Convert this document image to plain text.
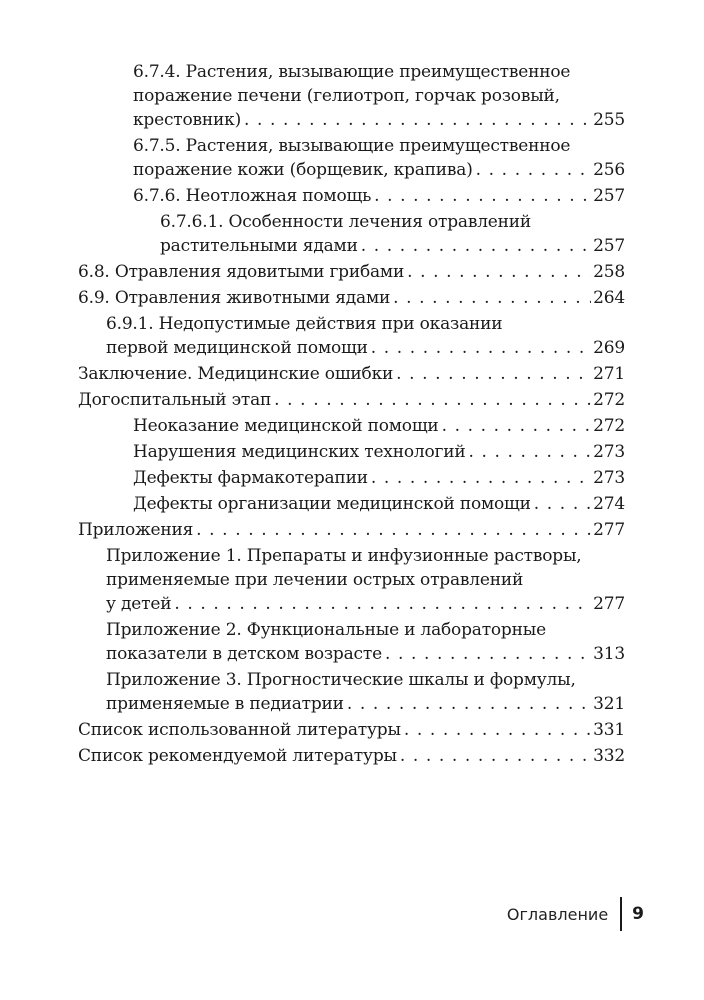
6.7.4. Растения, вызывающие преимущественное
поражение печени (гелиотроп, горчак розовый,
крестовник) . . .	255
6.7.5. Растения, вызывающие преимущественное
поражение кожи (борщевик, крапива) . . .	256
6.7.6. Неотложная помощь . . .	257
6.7.6.1. Особенности лечения отравлений
растительными ядами . . .	257
6.8. Отравления ядовитыми грибами . . .	258
6.9. Отравления животными ядами . . .	264
6.9.1. Недопустимые действия при оказании
первой медицинской помощи . . .	269
Заключение. Медицинские ошибки . . .	271
Догоспитальный этап . . .	272
Неоказание медицинской помощи . . .	272
Нарушения медицинских технологий . . .	273
Дефекты фармакотерапии . . .	273
Дефекты организации медицинской помощи . . .	274
Приложения . . .	277
Приложение 1. Препараты и инфузионные растворы,
применяемые при лечении острых отравлений
у детей . . .	277
Приложение 2. Функциональные и лабораторные
показатели в детском возрасте . . .	313
Приложение 3. Прогностические шкалы и формулы,
применяемые в педиатрии . . .	321
Список использованной литературы . . .	331
Список рекомендуемой литературы . . .	332
Оглавление	9
